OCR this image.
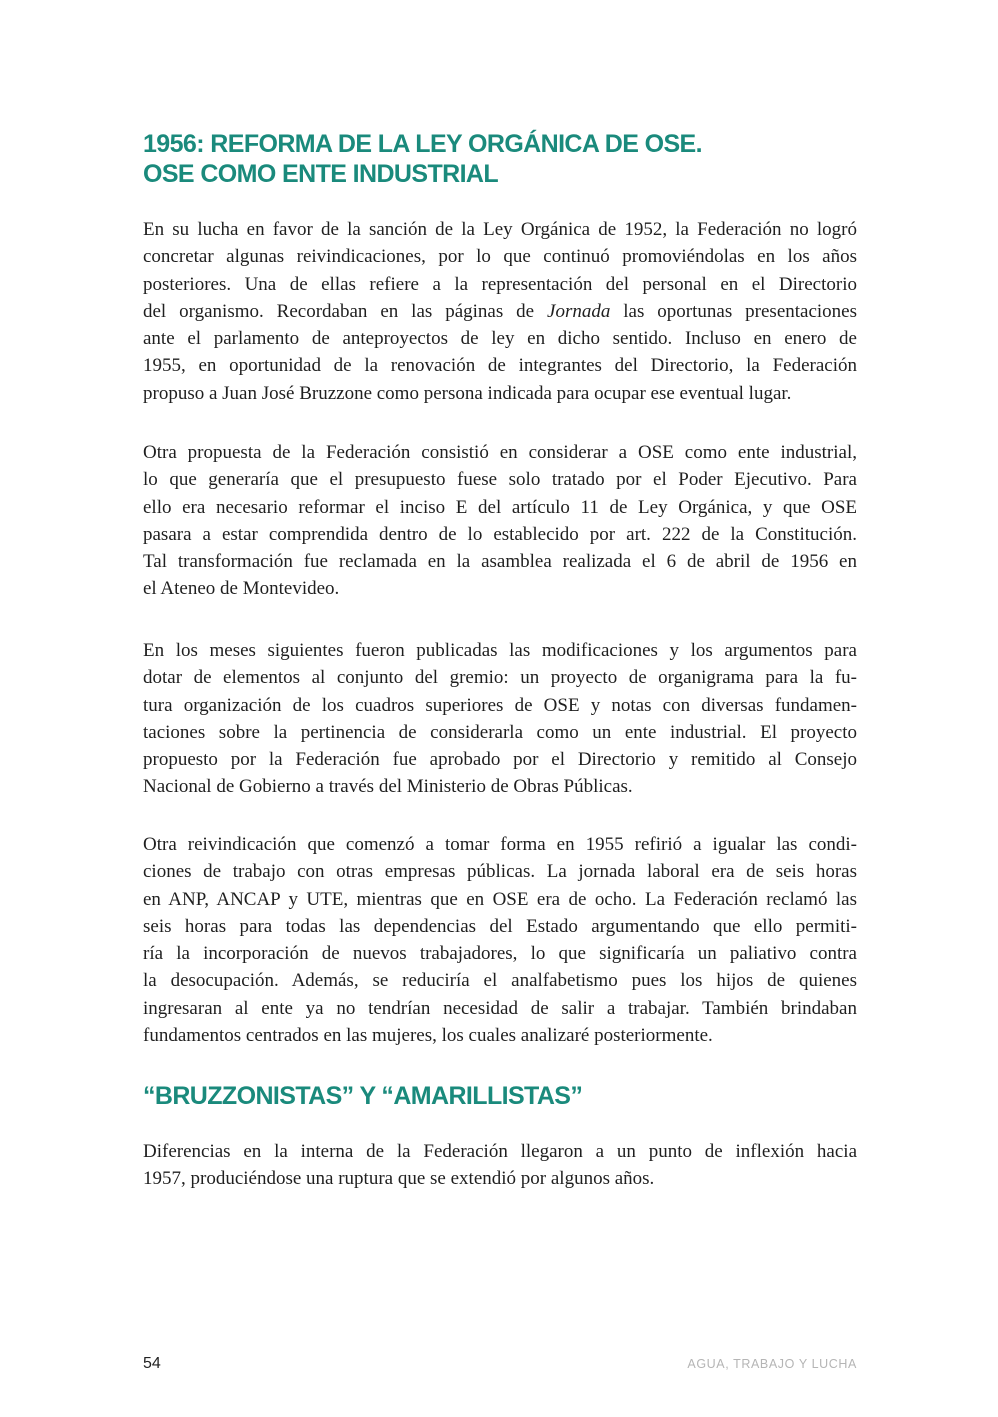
1956: REFORMA DE LA LEY ORGÁNICA DE OSE.
OSE COMO ENTE INDUSTRIAL

En su lucha en favor de la sanción de la Ley Orgánica de 1952, la Federación no logró
concretar algunas reivindicaciones, por lo que continuó promoviéndolas en los años
posteriores. Una de ellas refiere a la representación del personal en el Directorio
del organismo. Recordaban en las páginas de Jornada las oportunas presentaciones
ante el parlamento de anteproyectos de ley en dicho sentido. Incluso en enero de
1955, en oportunidad de la renovación de integrantes del Directorio, la Federación
propuso a Juan José Bruzzone como persona indicada para ocupar ese eventual lugar.

Otra propuesta de la Federación consistió en considerar a OSE como ente industrial,
lo que generaría que el presupuesto fuese solo tratado por el Poder Ejecutivo. Para
ello era necesario reformar el inciso E del artículo 11 de Ley Orgánica, y que OSE
pasara a estar comprendida dentro de lo establecido por art. 222 de la Constitución.
Tal transformación fue reclamada en la asamblea realizada el 6 de abril de 1956 en
el Ateneo de Montevideo.

En los meses siguientes fueron publicadas las modificaciones y los argumentos para
dotar de elementos al conjunto del gremio: un proyecto de organigrama para la fu-
tura organización de los cuadros superiores de OSE y notas con diversas fundamen-
taciones sobre la pertinencia de considerarla como un ente industrial. El proyecto
propuesto por la Federación fue aprobado por el Directorio y remitido al Consejo
Nacional de Gobierno a través del Ministerio de Obras Públicas.

Otra reivindicación que comenzó a tomar forma en 1955 refirió a igualar las condi-
ciones de trabajo con otras empresas públicas. La jornada laboral era de seis horas
en ANP, ANCAP y UTE, mientras que en OSE era de ocho. La Federación reclamó las
seis horas para todas las dependencias del Estado argumentando que ello permiti-
ría la incorporación de nuevos trabajadores, lo que significaría un paliativo contra
la desocupación. Además, se reduciría el analfabetismo pues los hijos de quienes
ingresaran al ente ya no tendrían necesidad de salir a trabajar. También brindaban
fundamentos centrados en las mujeres, los cuales analizaré posteriormente.

“BRUZZONISTAS” Y “AMARILLISTAS”

Diferencias en la interna de la Federación llegaron a un punto de inflexión hacia
1957, produciéndose una ruptura que se extendió por algunos años.

54	AGUA, TRABAJO Y LUCHA
